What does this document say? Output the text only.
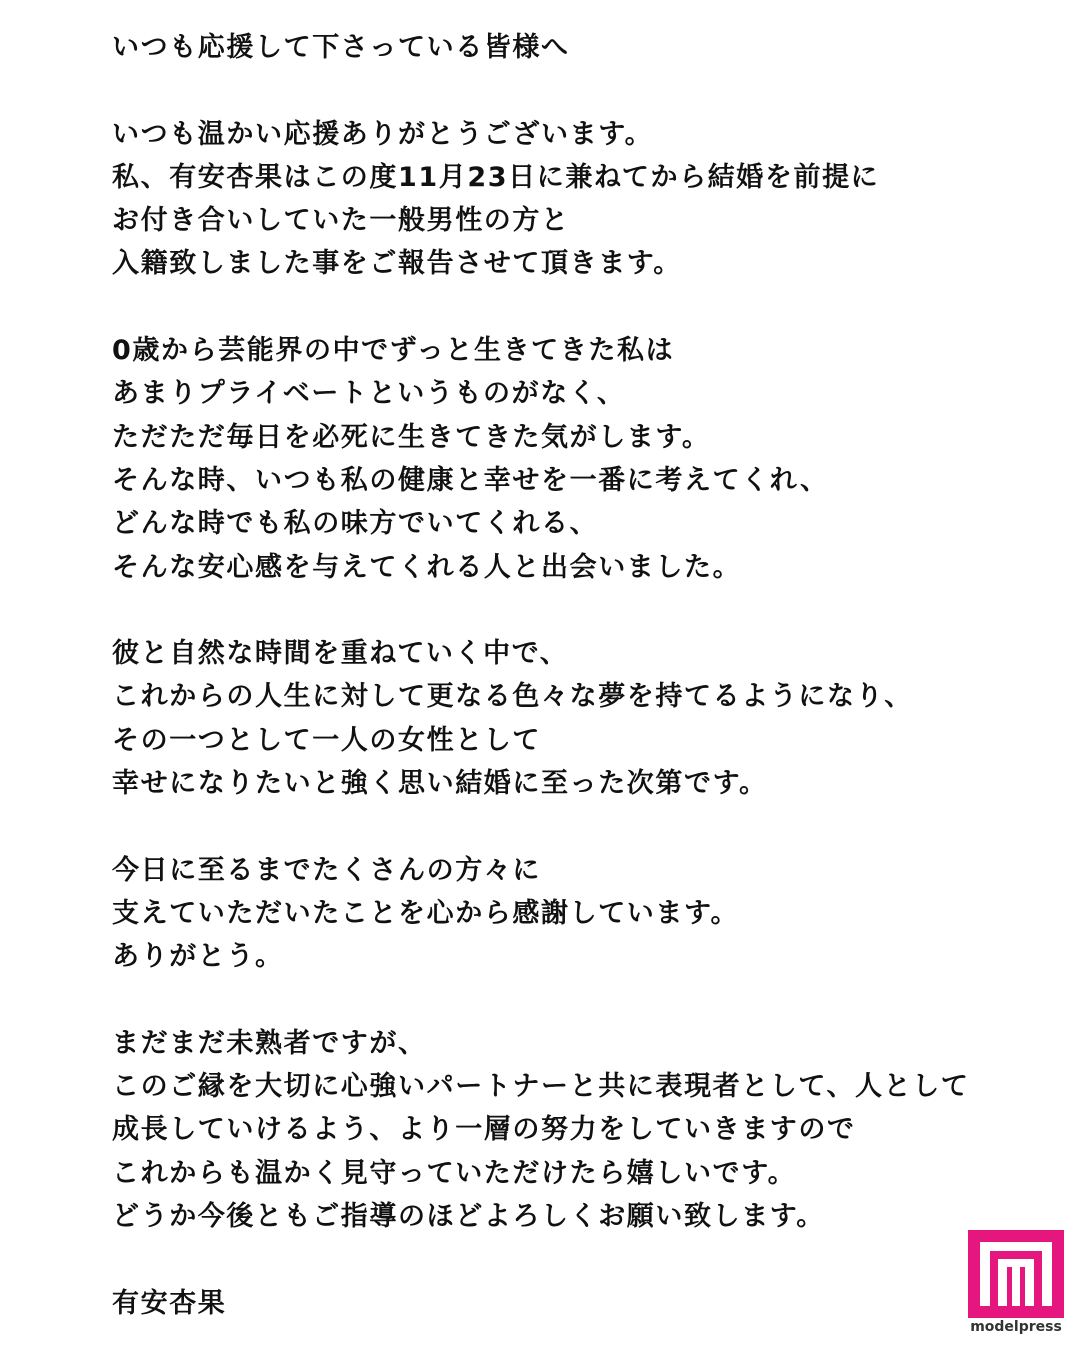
いつも応援して下さっている皆様へ
いつも温かい応援ありがとうございます。
私、有安杏果はこの度11月23日に兼ねてから結婚を前提に
お付き合いしていた一般男性の方と
入籍致しました事をご報告させて頂きます。
0歳から芸能界の中でずっと生きてきた私は
あまりプライベートというものがなく、
ただただ毎日を必死に生きてきた気がします。
そんな時、いつも私の健康と幸せを一番に考えてくれ、
どんな時でも私の味方でいてくれる、
そんな安心感を与えてくれる人と出会いました。
彼と自然な時間を重ねていく中で、
これからの人生に対して更なる色々な夢を持てるようになり、
その一つとして一人の女性として
幸せになりたいと強く思い結婚に至った次第です。
今日に至るまでたくさんの方々に
支えていただいたことを心から感謝しています。
ありがとう。
まだまだ未熟者ですが、
このご縁を大切に心強いパートナーと共に表現者として、人として
成長していけるよう、より一層の努力をしていきますので
これからも温かく見守っていただけたら嬉しいです。
どうか今後ともご指導のほどよろしくお願い致します。
有安杏果
modelpress
